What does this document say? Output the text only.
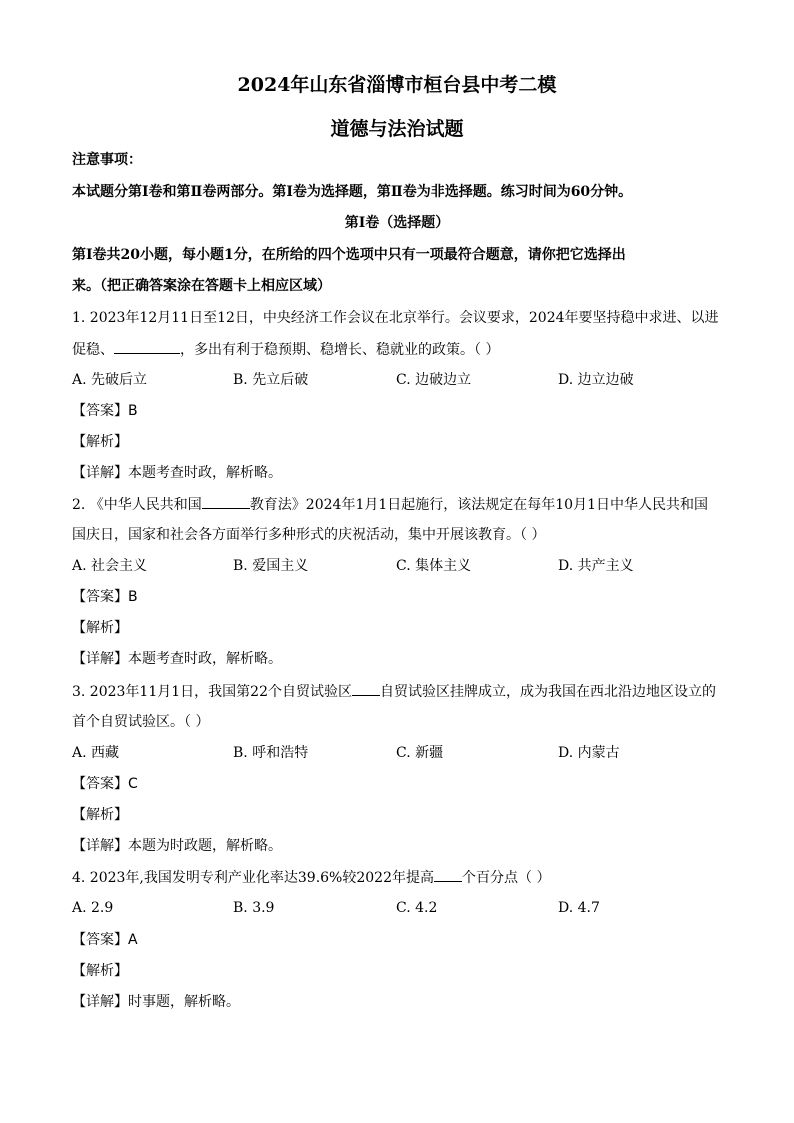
2024年山东省淄博市桓台县中考二模
道德与法治试题
注意事项：
本试题分第Ⅰ卷和第Ⅱ卷两部分。第Ⅰ卷为选择题，第Ⅱ卷为非选择题。练习时间为60分钟。
第Ⅰ卷（选择题）
第Ⅰ卷共20小题，每小题1分，在所给的四个选项中只有一项最符合题意，请你把它选择出
来。（把正确答案涂在答题卡上相应区域）
1. 2023年12月11日至12日，中央经济工作会议在北京举行。会议要求，2024年要坚持稳中求进、以进
促稳、	，多出有利于稳预期、稳增长、稳就业的政策。（ ）
A. 先破后立	B. 先立后破	C. 边破边立	D. 边立边破
【答案】B
【解析】
【详解】本题考查时政，解析略。
2. 《中华人民共和国	教育法》2024年1月1日起施行，该法规定在每年10月1日中华人民共和国
国庆日，国家和社会各方面举行多种形式的庆祝活动，集中开展该教育。（ ）
A. 社会主义	B. 爱国主义	C. 集体主义	D. 共产主义
【答案】B
【解析】
【详解】本题考查时政，解析略。
3. 2023年11月1日，我国第22个自贸试验区 自贸试验区挂牌成立，成为我国在西北沿边地区设立的
首个自贸试验区。（ ）
A. 西藏	B. 呼和浩特	C. 新疆	D. 内蒙古
【答案】C
【解析】
【详解】本题为时政题，解析略。
4. 2023年,我国发明专利产业化率达39.6%较2022年提高 个百分点（ ）
A. 2.9	B. 3.9	C. 4.2	D. 4.7
【答案】A
【解析】
【详解】时事题，解析略。
